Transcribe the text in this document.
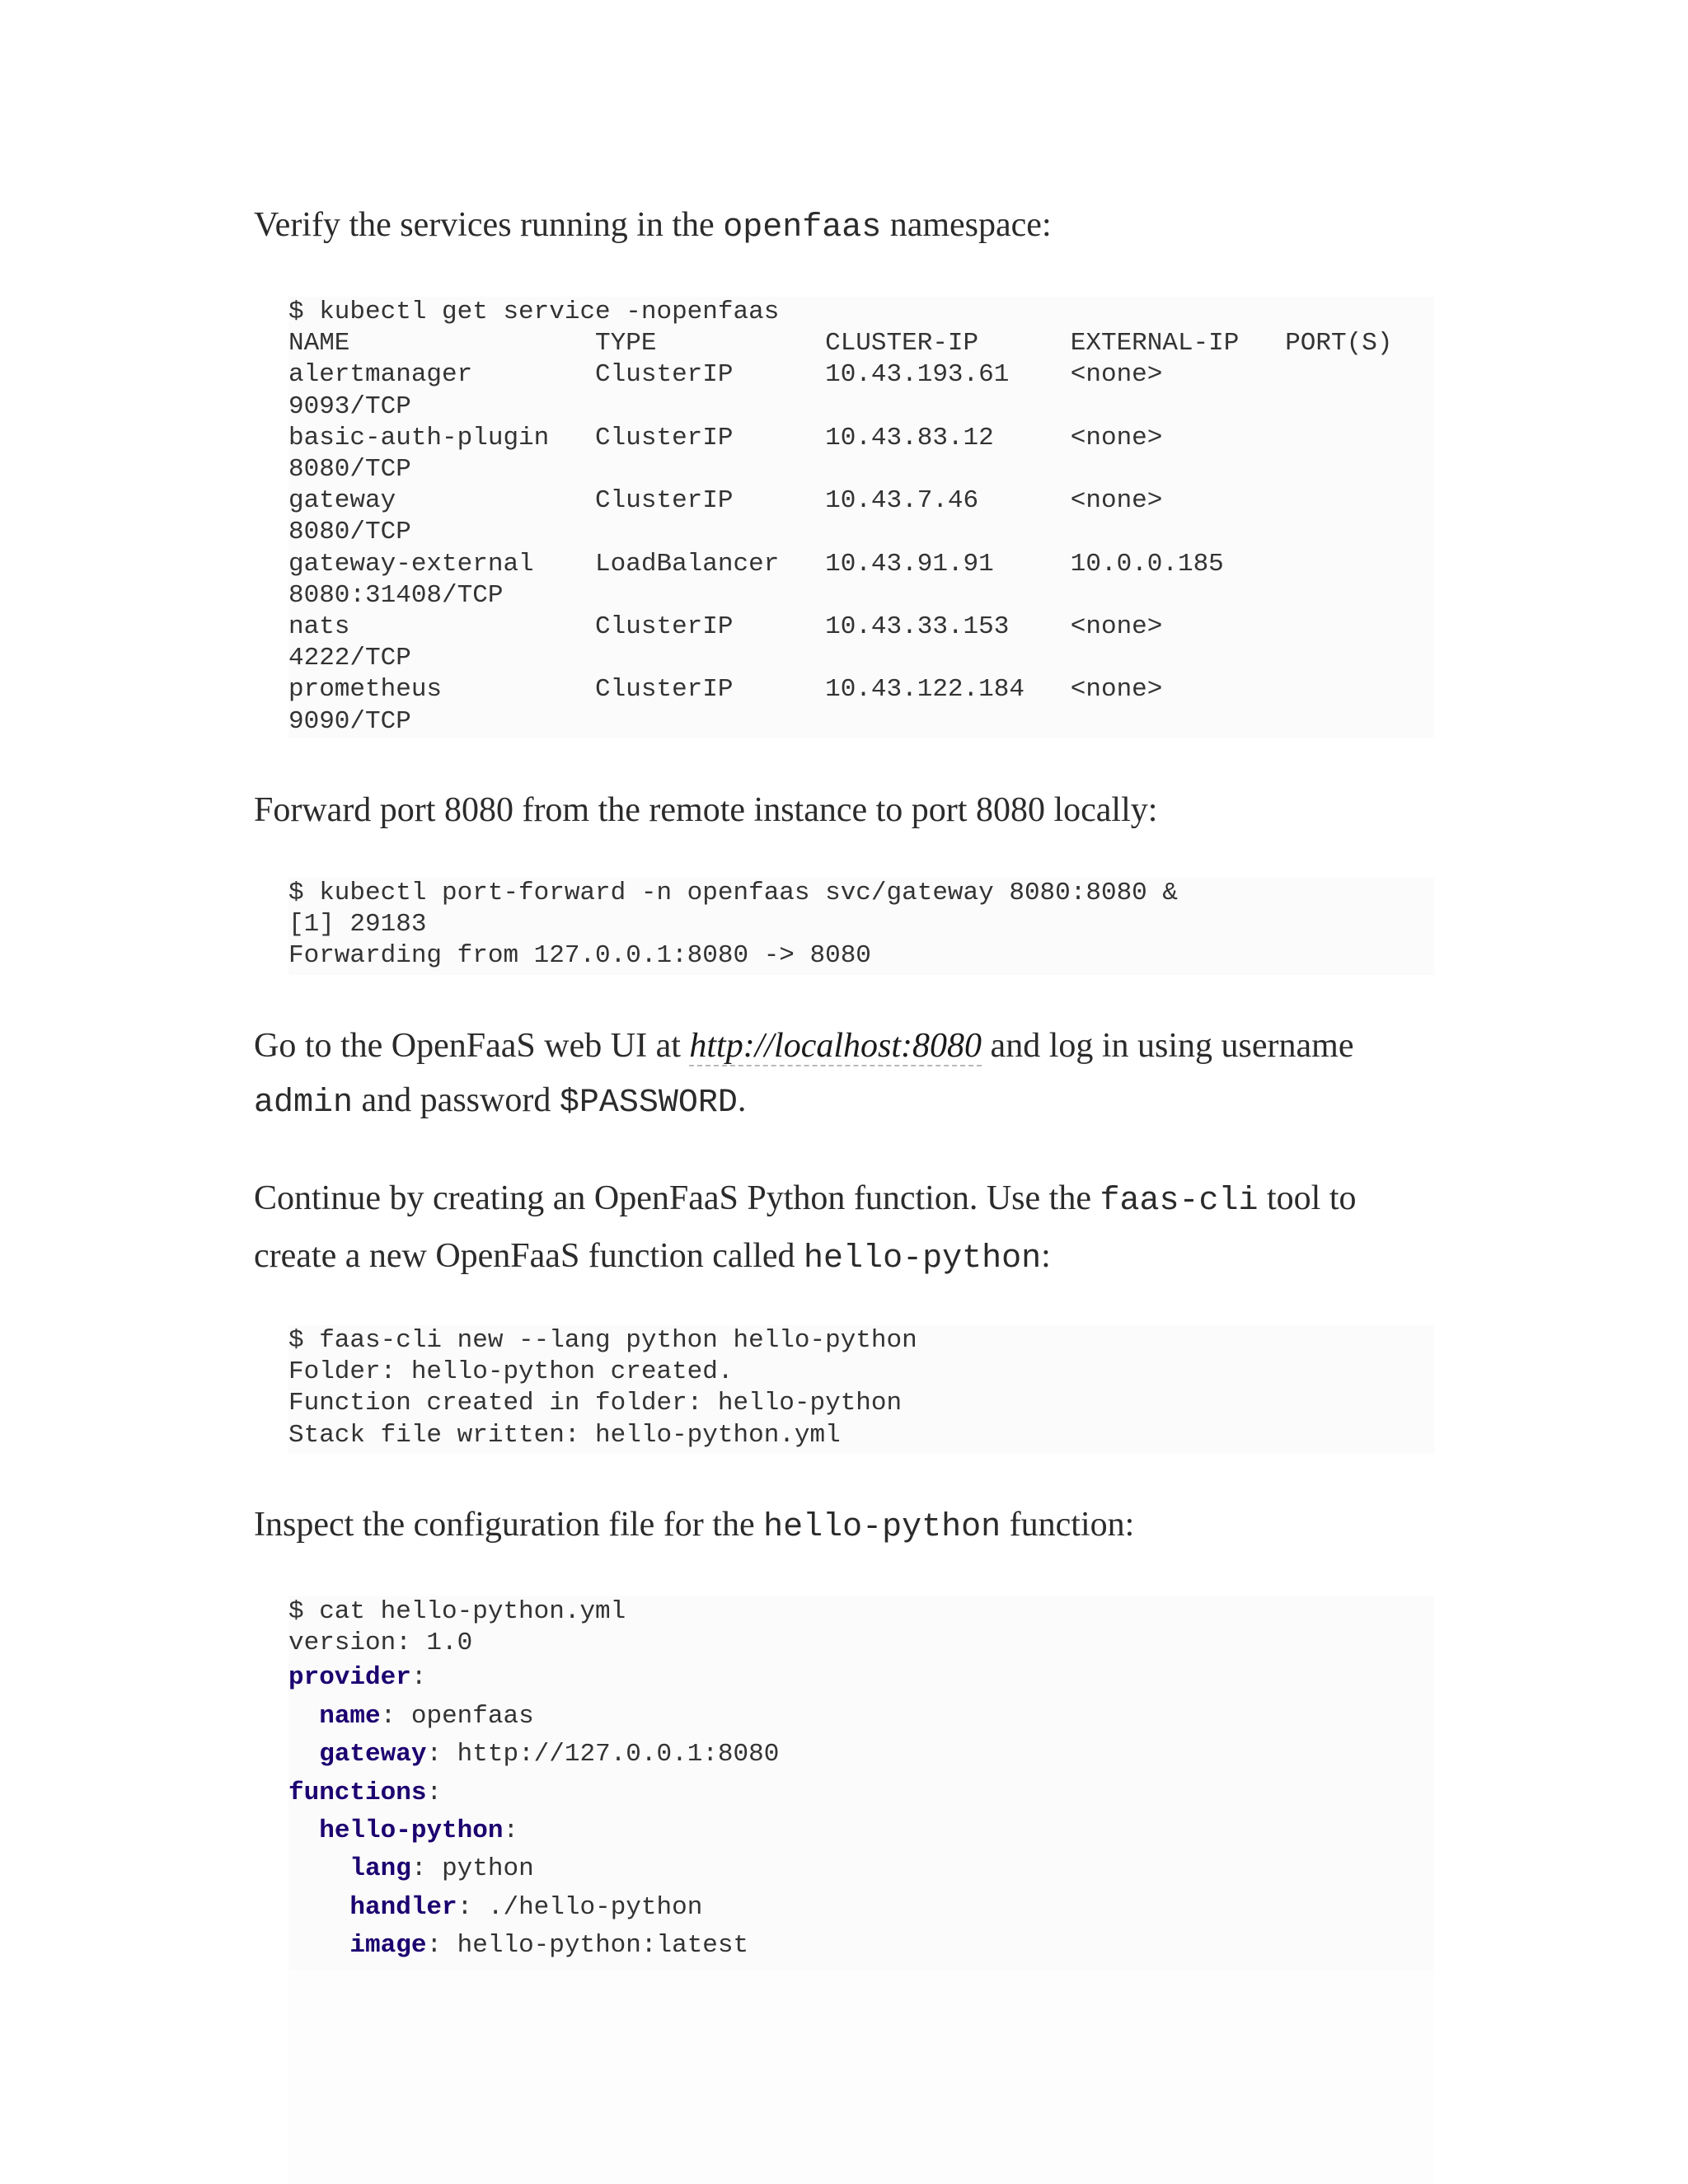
Verify the services running in the openfaas namespace:

$ kubectl get service -nopenfaas
NAME                TYPE           CLUSTER-IP      EXTERNAL-IP   PORT(S)
alertmanager        ClusterIP      10.43.193.61    <none>
9093/TCP
basic-auth-plugin   ClusterIP      10.43.83.12     <none>
8080/TCP
gateway             ClusterIP      10.43.7.46      <none>
8080/TCP
gateway-external    LoadBalancer   10.43.91.91     10.0.0.185
8080:31408/TCP
nats                ClusterIP      10.43.33.153    <none>
4222/TCP
prometheus          ClusterIP      10.43.122.184   <none>
9090/TCP

Forward port 8080 from the remote instance to port 8080 locally:

$ kubectl port-forward -n openfaas svc/gateway 8080:8080 &
[1] 29183
Forwarding from 127.0.0.1:8080 -> 8080

Go to the OpenFaaS web UI at http://localhost:8080 and log in using username admin and password $PASSWORD.

Continue by creating an OpenFaaS Python function. Use the faas-cli tool to create a new OpenFaaS function called hello-python:

$ faas-cli new --lang python hello-python
Folder: hello-python created.
Function created in folder: hello-python
Stack file written: hello-python.yml

Inspect the configuration file for the hello-python function:

$ cat hello-python.yml
version: 1.0
provider:
name: openfaas
gateway: http://127.0.0.1:8080
functions:
hello-python:
lang: python
handler: ./hello-python
image: hello-python:latest
